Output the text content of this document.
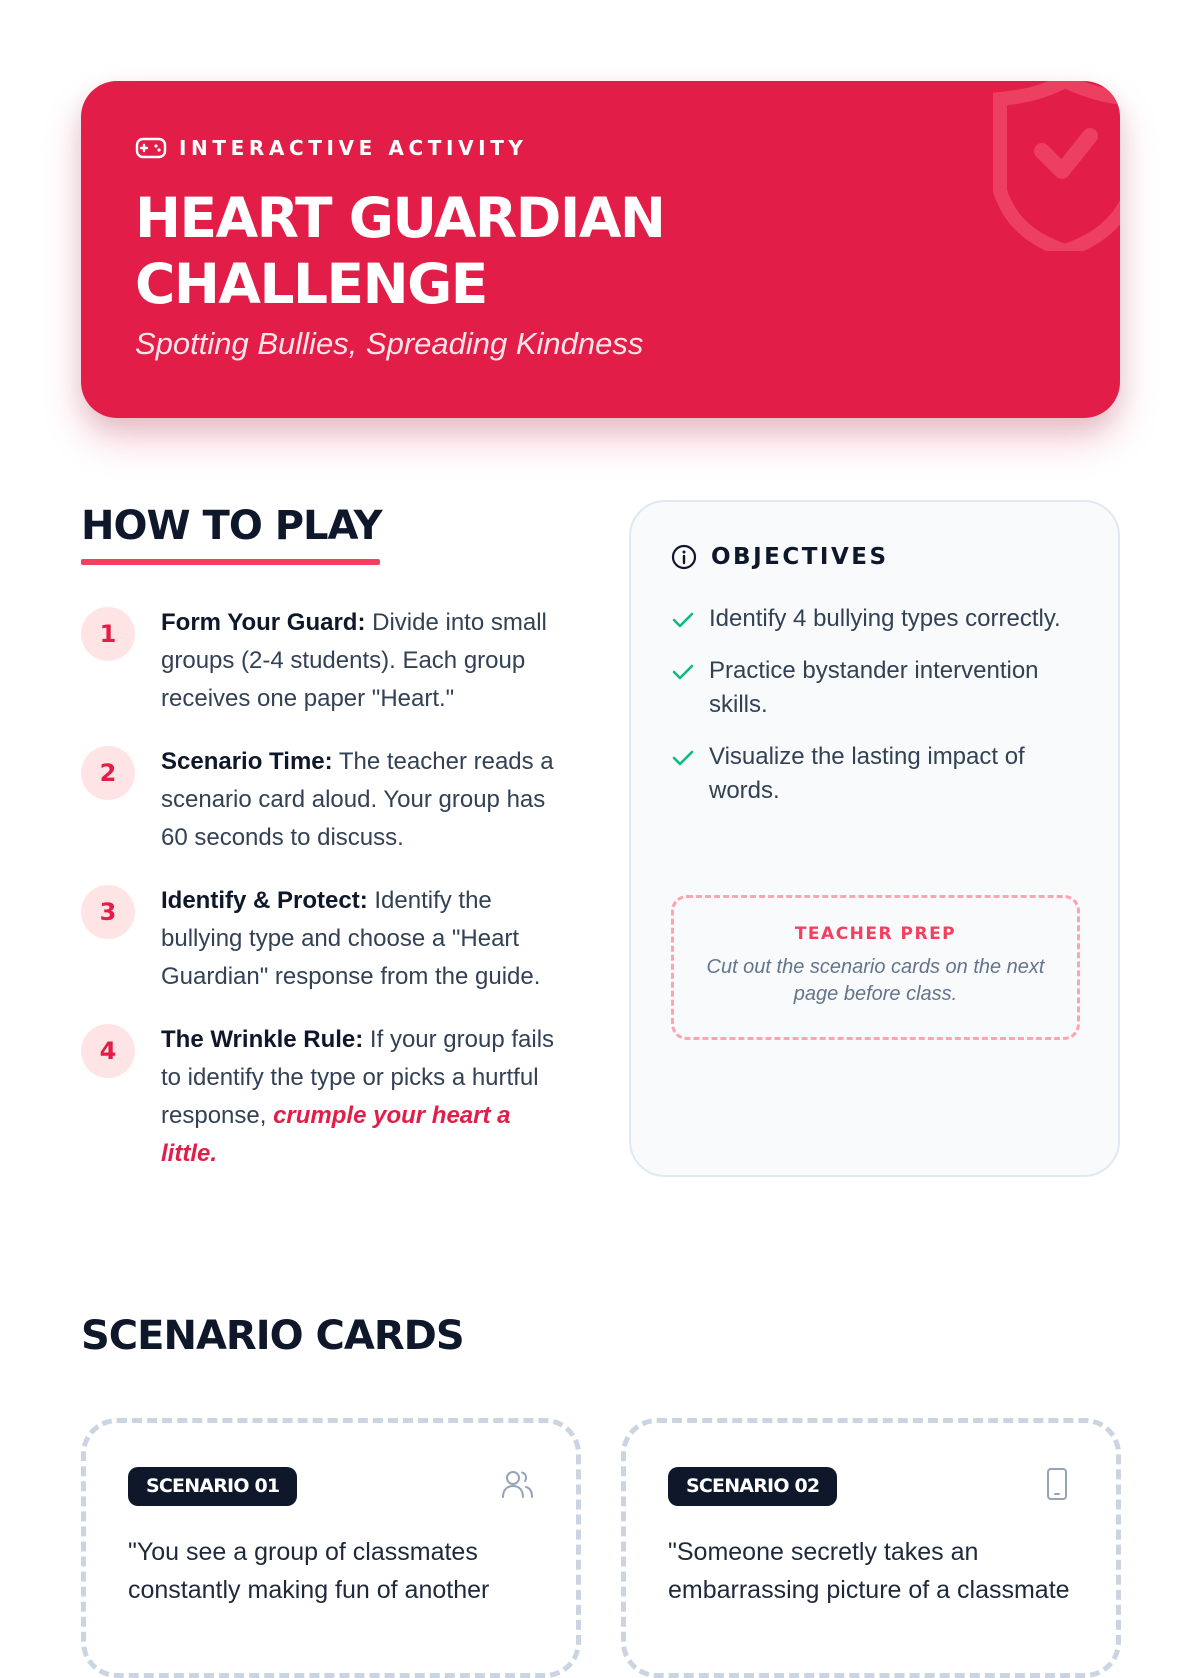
INTERACTIVE ACTIVITY
HEART GUARDIAN
CHALLENGE
Spotting Bullies, Spreading Kindness
HOW TO PLAY
1	Form Your Guard: Divide into small groups (2-4 students). Each group receives one paper "Heart."
2	Scenario Time: The teacher reads a scenario card aloud. Your group has 60 seconds to discuss.
3	Identify & Protect: Identify the bullying type and choose a "Heart Guardian" response from the guide.
4	The Wrinkle Rule: If your group fails to identify the type or picks a hurtful response, crumple your heart a little.
OBJECTIVES
Identify 4 bullying types correctly.
Practice bystander intervention skills.
Visualize the lasting impact of words.
TEACHER PREP
Cut out the scenario cards on the next page before class.
SCENARIO CARDS
SCENARIO 01
"You see a group of classmates constantly making fun of another
SCENARIO 02
"Someone secretly takes an embarrassing picture of a classmate
